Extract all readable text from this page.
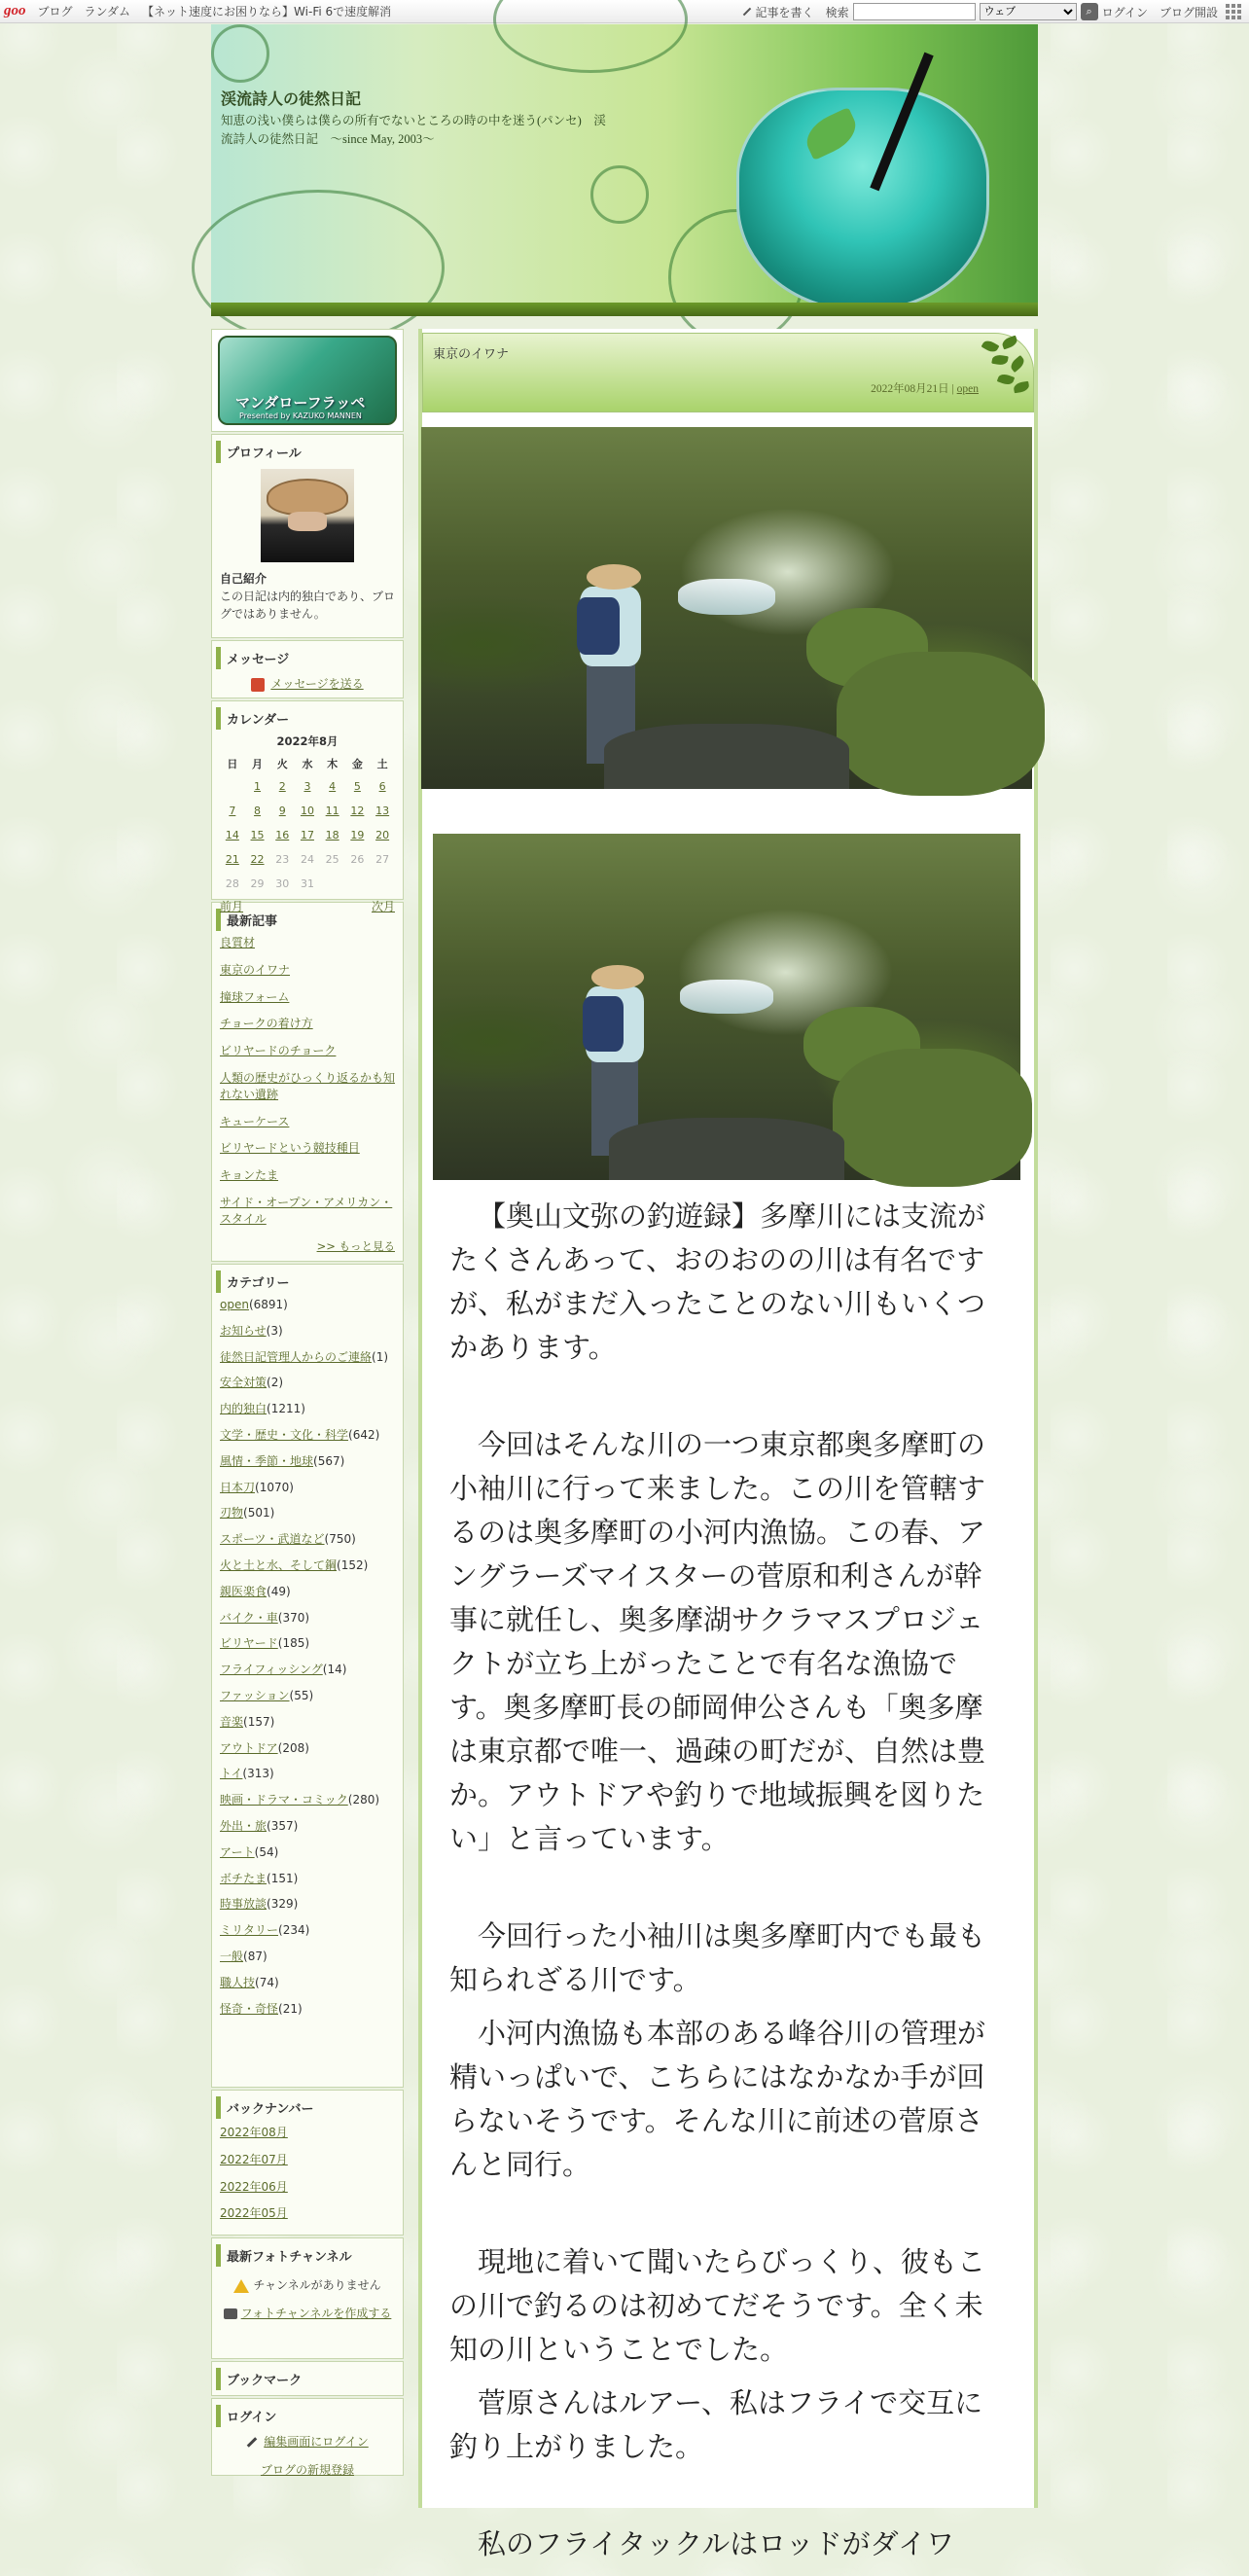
goo ブログ ランダム 【ネット速度にお困りなら】Wi-Fi 6で速度解消	記事を書く 検索
ウェブ	⌕ ログイン ブログ開設
渓流詩人の徒然日記
知恵の浅い僕らは僕らの所有でないところの時の中を迷う(パンセ)　渓流詩人の徒然日記　～since May, 2003～
マンダローフラッペ
Presented by KAZUKO MANNEN
プロフィール
自己紹介
この日記は内的独白であり、ブログではありません。
メッセージ
メッセージを送る
カレンダー
2022年8月
日	月	火	水	木	金	土
	1	2	3	4	5	6
7	8	9	10	11	12	13
14	15	16	17	18	19	20
21	22	23	24	25	26	27
28	29	30	31			
前月	次月
最新記事
良質材
東京のイワナ
撞球フォーム
チョークの着け方
ビリヤードのチョーク
人類の歴史がひっくり返るかも知れない遺跡
キューケース
ビリヤードという競技種目
キョンたま
サイド・オープン・アメリカン・スタイル
>> もっと見る
カテゴリー
open(6891)
お知らせ(3)
徒然日記管理人からのご連絡(1)
安全対策(2)
内的独白(1211)
文学・歴史・文化・科学(642)
風情・季節・地球(567)
日本刀(1070)
刃物(501)
スポーツ・武道など(750)
火と土と水、そして鋼(152)
親医楽食(49)
バイク・車(370)
ビリヤード(185)
フライフィッシング(14)
ファッション(55)
音楽(157)
アウトドア(208)
トイ(313)
映画・ドラマ・コミック(280)
外出・旅(357)
アート(54)
ボチたま(151)
時事放談(329)
ミリタリー(234)
一般(87)
職人技(74)
怪奇・奇怪(21)
バックナンバー
2022年08月
2022年07月
2022年06月
2022年05月
最新フォトチャンネル
チャンネルがありません
フォトチャンネルを作成する
ブックマーク
ログイン
編集画面にログイン
ブログの新規登録
東京のイワナ
2022年08月21日 | open

【奥山文弥の釣遊録】多摩川には支流がたくさんあって、おのおのの川は有名ですが、私がまだ入ったことのない川もいくつかあります。

今回はそんな川の一つ東京都奥多摩町の小袖川に行って来ました。この川を管轄するのは奥多摩町の小河内漁協。この春、アングラーズマイスターの菅原和利さんが幹事に就任し、奥多摩湖サクラマスプロジェクトが立ち上がったことで有名な漁協です。奥多摩町長の師岡伸公さんも「奥多摩は東京都で唯一、過疎の町だが、自然は豊か。アウトドアや釣りで地域振興を図りたい」と言っています。

今回行った小袖川は奥多摩町内でも最も知られざる川です。

小河内漁協も本部のある峰谷川の管理が精いっぱいで、こちらにはなかなか手が回らないそうです。そんな川に前述の菅原さんと同行。

現地に着いて聞いたらびっくり、彼もこの川で釣るのは初めてだそうです。全く未知の川ということでした。

菅原さんはルアー、私はフライで交互に釣り上がりました。

私のフライタックルはロッドがダイワ
